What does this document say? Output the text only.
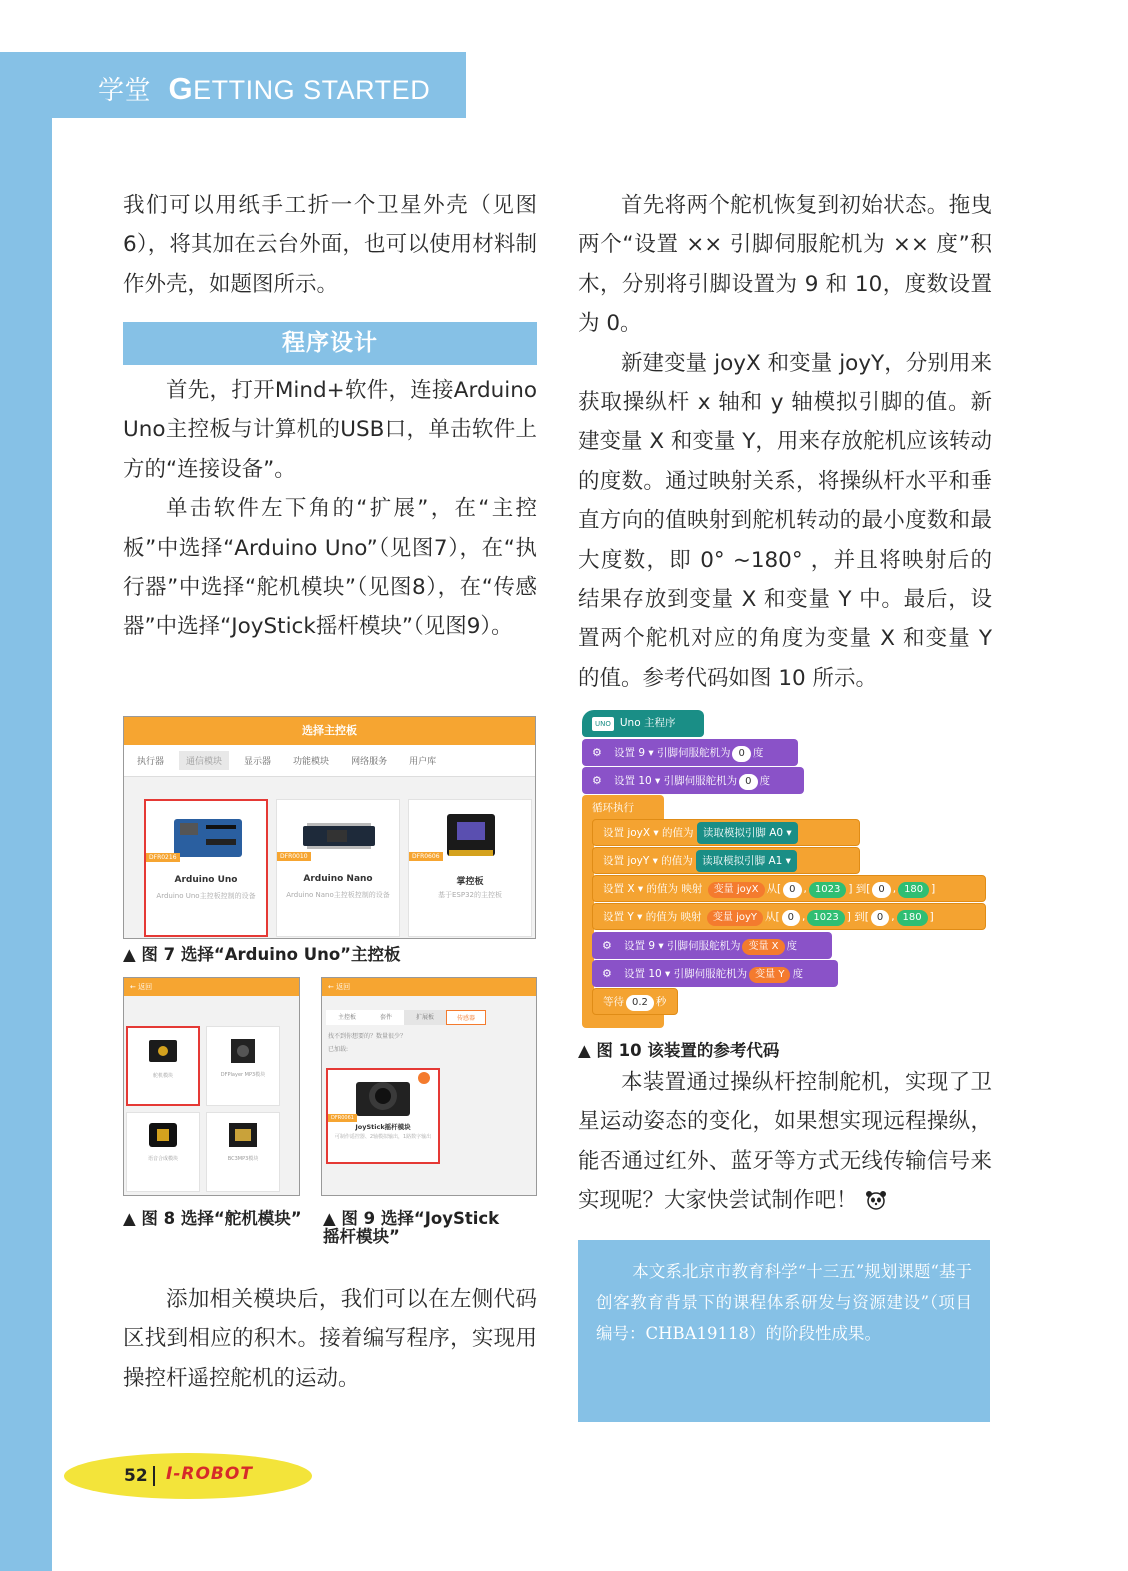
学堂 GETTING STARTED

我们可以用纸手工折一个卫星外壳（见图6），将其加在云台外面，也可以使用材料制作外壳，如题图所示。

程序设计

首先，打开Mind+软件，连接Arduino Uno主控板与计算机的USB口，单击软件上方的“连接设备”。

单击软件左下角的“扩展”，在“主控板”中选择“Arduino Uno”（见图7），在“执行器”中选择“舵机模块”（见图8），在“传感器”中选择“JoyStick摇杆模块”（见图9）。

选择主控板
执行器	通信模块	显示器	功能模块	网络服务	用户库
DFR0216
Arduino Uno
Arduino Uno主控板控制的设备
DFR0010
Arduino Nano
Arduino Nano主控板控制的设备
DFR0606
掌控板
基于ESP32的主控板
▲ 图 7 选择“Arduino Uno”主控板
← 返回
舵机模块	DFPlayer MP3模块
语音合成模块	BC3MP3模块
← 返回
主控板	套件	扩展板	传感器
找不到你想要的？数量很少？
已加载:
DFR0061
JoyStick摇杆模块
可制作遥控器、2轴模拟输出，1路数字输出
▲ 图 8 选择“舵机模块” ▲ 图 9 选择“JoyStick
摇杆模块”

添加相关模块后，我们可以在左侧代码区找到相应的积木。接着编写程序，实现用操控杆遥控舵机的运动。

首先将两个舵机恢复到初始状态。拖曳两个“设置 ×× 引脚伺服舵机为 ×× 度”积木，分别将引脚设置为 9 和 10，度数设置为 0。

新建变量 joyX 和变量 joyY，分别用来获取操纵杆 x 轴和 y 轴模拟引脚的值。新建变量 X 和变量 Y，用来存放舵机应该转动的度数。通过映射关系，将操纵杆水平和垂直方向的值映射到舵机转动的最小度数和最大度数，即 0° ~180° ，并且将映射后的结果存放到变量 X 和变量 Y 中。最后，设置两个舵机对应的角度为变量 X 和变量 Y 的值。参考代码如图 10 所示。

UNO Uno 主程序
⚙ 设置 9 ▾ 引脚伺服舵机为 0 度
⚙ 设置 10 ▾ 引脚伺服舵机为 0 度
循环执行
设置 joyX ▾ 的值为 读取模拟引脚 A0 ▾
设置 joyY ▾ 的值为 读取模拟引脚 A1 ▾
设置 X ▾ 的值为 映射 变量 joyX 从[ 0 , 1023 ] 到[ 0 , 180 ]
设置 Y ▾ 的值为 映射 变量 joyY 从[ 0 , 1023 ] 到[ 0 , 180 ]
⚙ 设置 9 ▾ 引脚伺服舵机为 变量 X 度
⚙ 设置 10 ▾ 引脚伺服舵机为 变量 Y 度
等待 0.2 秒
▲ 图 10 该装置的参考代码

本装置通过操纵杆控制舵机，实现了卫星运动姿态的变化，如果想实现远程操纵，能否通过红外、蓝牙等方式无线传输信号来实现呢？大家快尝试制作吧！

本文系北京市教育科学“十三五”规划课题“基于创客教育背景下的课程体系研发与资源建设”（项目编号：CHBA19118）的阶段性成果。

52 I-ROBOT
